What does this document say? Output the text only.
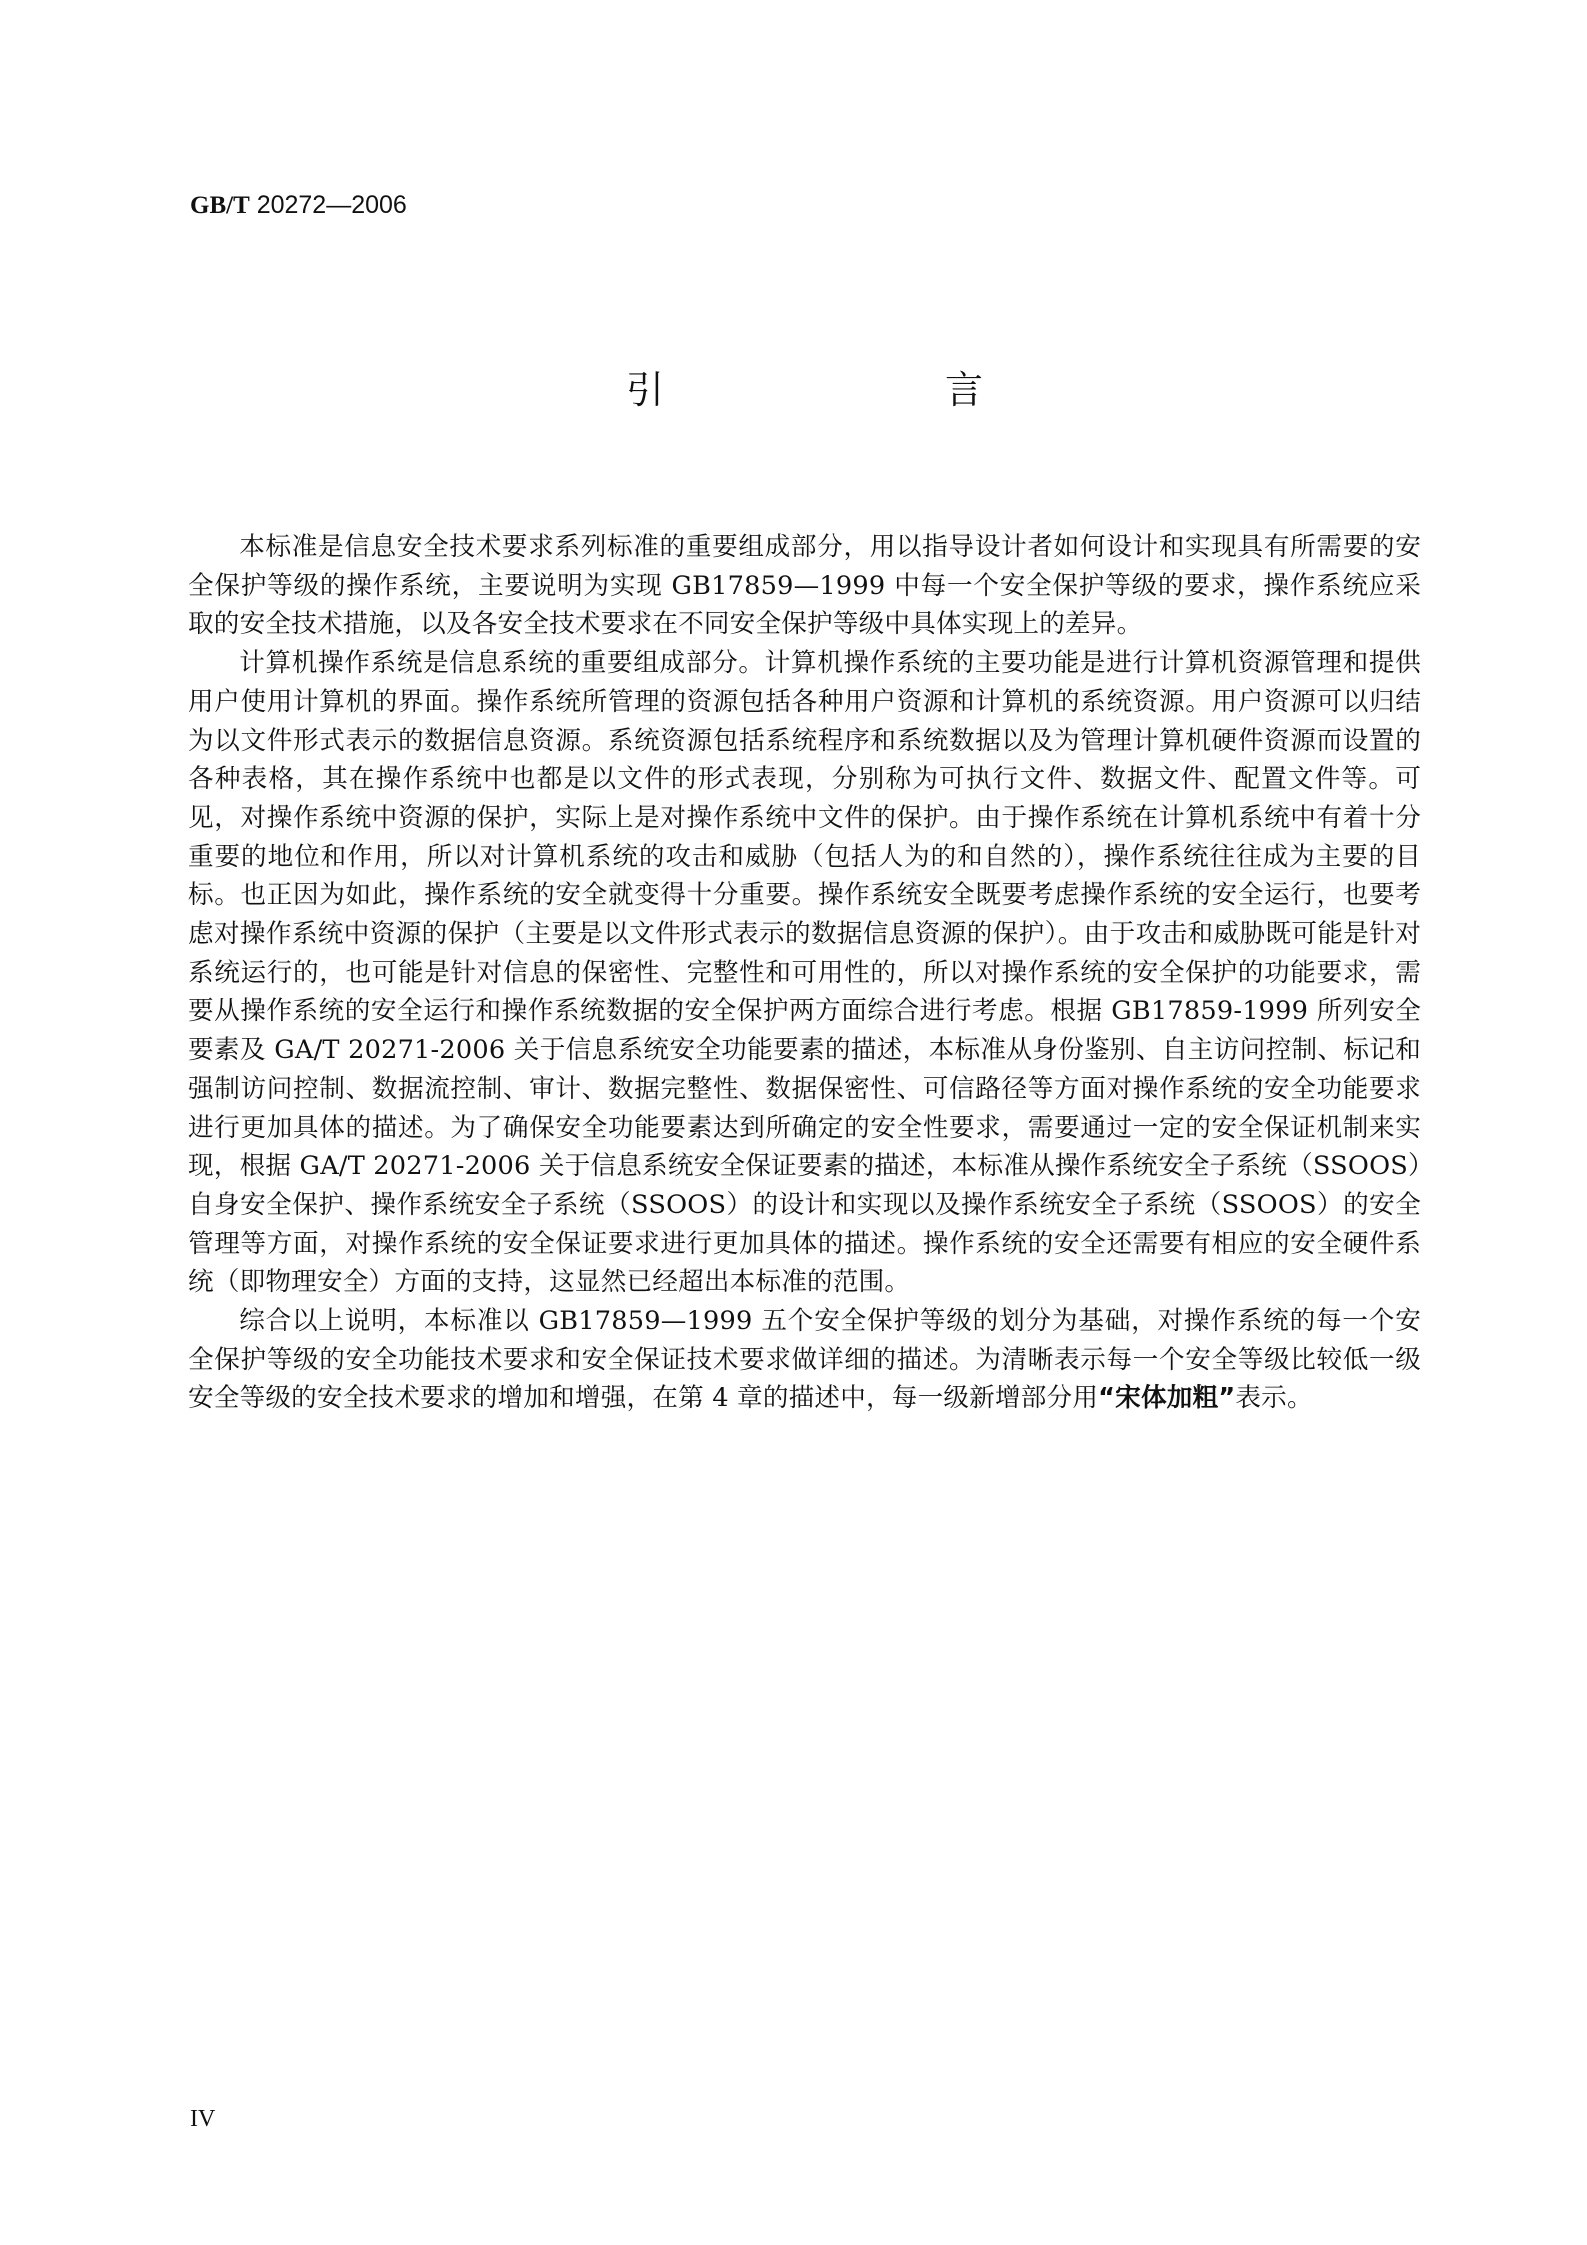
GB/T 20272—2006
引	言

本标准是信息安全技术要求系列标准的重要组成部分，用以指导设计者如何设计和实现具有所需要的安全保护等级的操作系统，主要说明为实现 GB17859—1999 中每一个安全保护等级的要求，操作系统应采取的安全技术措施，以及各安全技术要求在不同安全保护等级中具体实现上的差异。

计算机操作系统是信息系统的重要组成部分。计算机操作系统的主要功能是进行计算机资源管理和提供用户使用计算机的界面。操作系统所管理的资源包括各种用户资源和计算机的系统资源。用户资源可以归结为以文件形式表示的数据信息资源。系统资源包括系统程序和系统数据以及为管理计算机硬件资源而设置的各种表格，其在操作系统中也都是以文件的形式表现，分别称为可执行文件、数据文件、配置文件等。可见，对操作系统中资源的保护，实际上是对操作系统中文件的保护。由于操作系统在计算机系统中有着十分重要的地位和作用，所以对计算机系统的攻击和威胁（包括人为的和自然的），操作系统往往成为主要的目标。也正因为如此，操作系统的安全就变得十分重要。操作系统安全既要考虑操作系统的安全运行，也要考虑对操作系统中资源的保护（主要是以文件形式表示的数据信息资源的保护）。由于攻击和威胁既可能是针对系统运行的，也可能是针对信息的保密性、完整性和可用性的，所以对操作系统的安全保护的功能要求，需要从操作系统的安全运行和操作系统数据的安全保护两方面综合进行考虑。根据 GB17859-1999 所列安全要素及 GA/T 20271-2006 关于信息系统安全功能要素的描述，本标准从身份鉴别、自主访问控制、标记和强制访问控制、数据流控制、审计、数据完整性、数据保密性、可信路径等方面对操作系统的安全功能要求进行更加具体的描述。为了确保安全功能要素达到所确定的安全性要求，需要通过一定的安全保证机制来实现，根据 GA/T 20271-2006 关于信息系统安全保证要素的描述，本标准从操作系统安全子系统（SSOOS）自身安全保护、操作系统安全子系统（SSOOS）的设计和实现以及操作系统安全子系统（SSOOS）的安全管理等方面，对操作系统的安全保证要求进行更加具体的描述。操作系统的安全还需要有相应的安全硬件系统（即物理安全）方面的支持，这显然已经超出本标准的范围。

综合以上说明，本标准以 GB17859—1999 五个安全保护等级的划分为基础，对操作系统的每一个安全保护等级的安全功能技术要求和安全保证技术要求做详细的描述。为清晰表示每一个安全等级比较低一级安全等级的安全技术要求的增加和增强，在第 4 章的描述中，每一级新增部分用“宋体加粗”表示。

IV
